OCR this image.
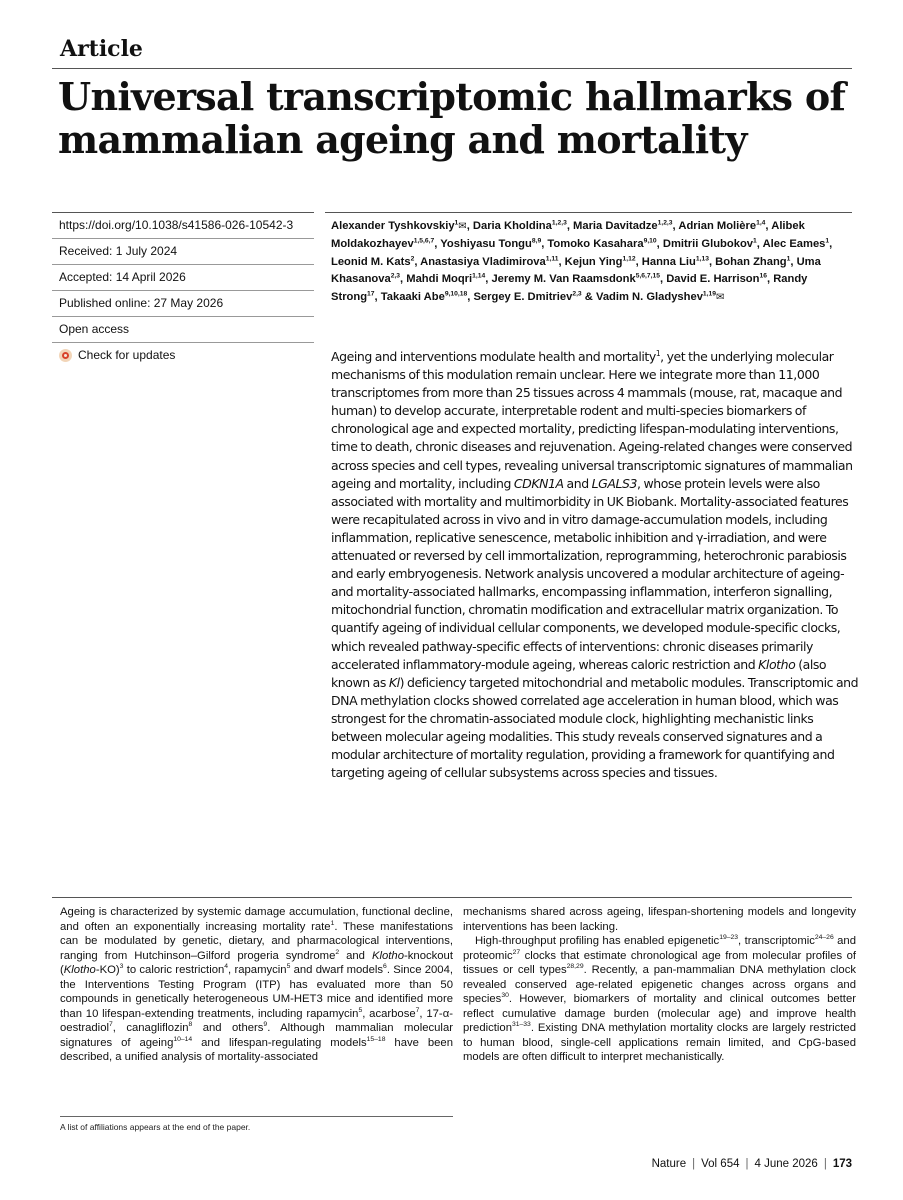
Article
Universal transcriptomic hallmarks of mammalian ageing and mortality
https://doi.org/10.1038/s41586-026-10542-3
Received: 1 July 2024
Accepted: 14 April 2026
Published online: 27 May 2026
Open access
Check for updates
Alexander Tyshkovskiy$^1$✉, Daria Kholdina$^{1,2,3}$, Maria Davitadze$^{1,2,3}$, Adrian Molière$^{1,4}$, Alibek Moldakozhayev$^{1,5,6,7}$, Yoshiyasu Tongu$^{8,9}$, Tomoko Kasahara$^{9,10}$, Dmitrii Glubokov$^1$, Alec Eames$^1$, Leonid M. Kats$^2$, Anastasiya Vladimirova$^{1,11}$, Kejun Ying$^{1,12}$, Hanna Liu$^{1,13}$, Bohan Zhang$^1$, Uma Khasanova$^{2,3}$, Mahdi Moqri$^{1,14}$, Jeremy M. Van Raamsdonk$^{5,6,7,15}$, David E. Harrison$^{16}$, Randy Strong$^{17}$, Takaaki Abe$^{9,10,18}$, Sergey E. Dmitriev$^{2,3}$ & Vadim N. Gladyshev$^{1,19}$✉

Ageing and interventions modulate health and mortality$^1$, yet the underlying molecular mechanisms of this modulation remain unclear. Here we integrate more than 11,000 transcriptomes from more than 25 tissues across 4 mammals (mouse, rat, macaque and human) to develop accurate, interpretable rodent and multi-species biomarkers of chronological age and expected mortality, predicting lifespan-modulating interventions, time to death, chronic diseases and rejuvenation. Ageing-related changes were conserved across species and cell types, revealing universal transcriptomic signatures of mammalian ageing and mortality, including CDKN1A and LGALS3, whose protein levels were also associated with mortality and multimorbidity in UK Biobank. Mortality-associated features were recapitulated across in vivo and in vitro damage-accumulation models, including inflammation, replicative senescence, metabolic inhibition and γ-irradiation, and were attenuated or reversed by cell immortalization, reprogramming, heterochronic parabiosis and early embryogenesis. Network analysis uncovered a modular architecture of ageing- and mortality-associated hallmarks, encompassing inflammation, interferon signalling, mitochondrial function, chromatin modification and extracellular matrix organization. To quantify ageing of individual cellular components, we developed module-specific clocks, which revealed pathway-specific effects of interventions: chronic diseases primarily accelerated inflammatory-module ageing, whereas caloric restriction and Klotho (also known as Kl) deficiency targeted mitochondrial and metabolic modules. Transcriptomic and DNA methylation clocks showed correlated age acceleration in human blood, which was strongest for the chromatin-associated module clock, highlighting mechanistic links between molecular ageing modalities. This study reveals conserved signatures and a modular architecture of mortality regulation, providing a framework for quantifying and targeting ageing of cellular subsystems across species and tissues.

Ageing is characterized by systemic damage accumulation, functional decline, and often an exponentially increasing mortality rate$^1$. These manifestations can be modulated by genetic, dietary, and pharmacological interventions, ranging from Hutchinson–Gilford progeria syndrome$^2$ and Klotho-knockout (Klotho-KO)$^3$ to caloric restriction$^4$, rapamycin$^5$ and dwarf models$^6$. Since 2004, the Interventions Testing Program (ITP) has evaluated more than 50 compounds in genetically heterogeneous UM-HET3 mice and identified more than 10 lifespan-extending treatments, including rapamycin$^5$, acarbose$^7$, 17-α-oestradiol$^7$, canagliflozin$^8$ and others$^9$. Although mammalian molecular signatures of ageing$^{10-14}$ and lifespan-regulating models$^{15-18}$ have been described, a unified analysis of mortality-associated

mechanisms shared across ageing, lifespan-shortening models and longevity interventions has been lacking.

High-throughput profiling has enabled epigenetic$^{19-23}$, transcriptomic$^{24-26}$ and proteomic$^{27}$ clocks that estimate chronological age from molecular profiles of tissues or cell types$^{28,29}$. Recently, a pan-mammalian DNA methylation clock revealed conserved age-related epigenetic changes across organs and species$^{30}$. However, biomarkers of mortality and clinical outcomes better reflect cumulative damage burden (molecular age) and improve health prediction$^{31-33}$. Existing DNA methylation mortality clocks are largely restricted to human blood, single-cell applications remain limited, and CpG-based models are often difficult to interpret mechanistically.

A list of affiliations appears at the end of the paper.
Nature | Vol 654 | 4 June 2026 | 173
